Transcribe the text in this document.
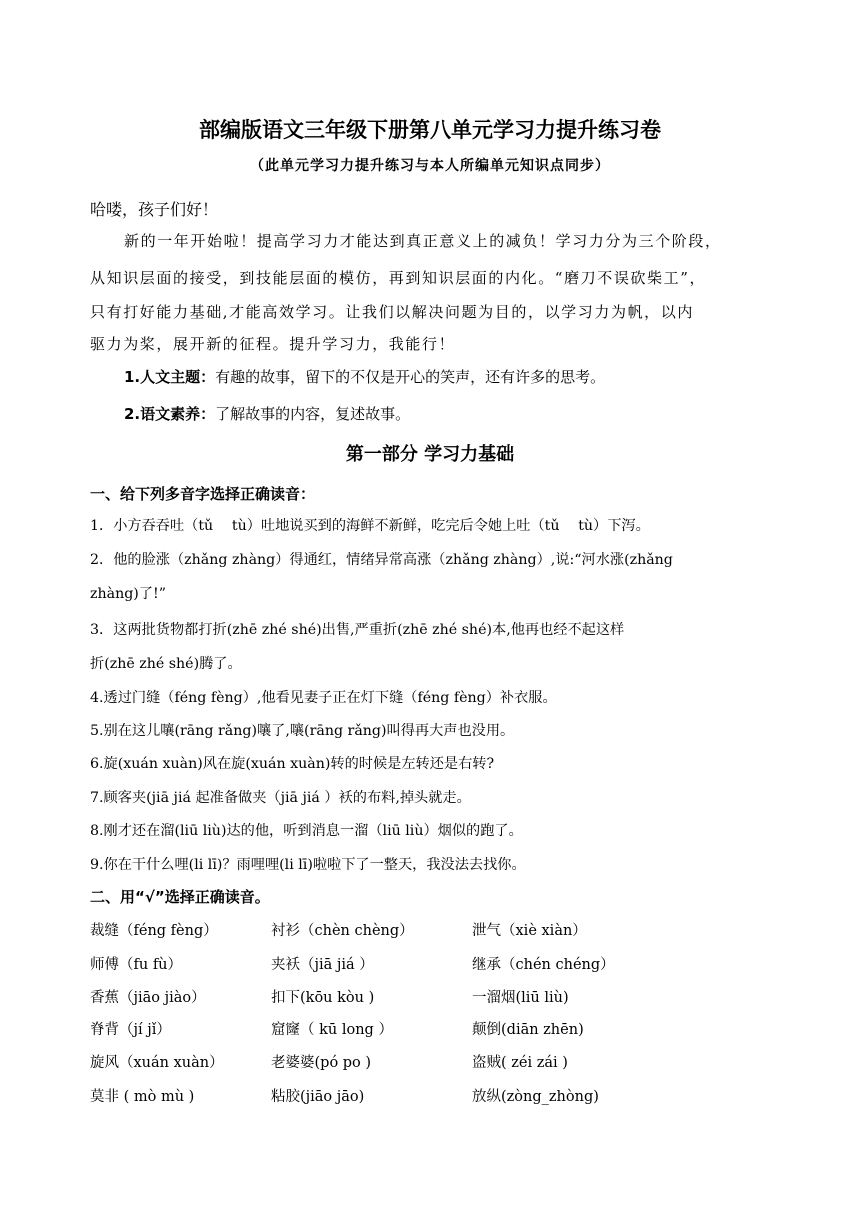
部编版语文三年级下册第八单元学习力提升练习卷
（此单元学习力提升练习与本人所编单元知识点同步）
哈喽，孩子们好！
新的一年开始啦！提高学习力才能达到真正意义上的减负！学习力分为三个阶段，
从知识层面的接受，到技能层面的模仿，再到知识层面的内化。“磨刀不误砍柴工”，
只有打好能力基础,才能高效学习。让我们以解决问题为目的，以学习力为帆，以内
驱力为桨，展开新的征程。提升学习力，我能行！
1.人文主题：有趣的故事，留下的不仅是开心的笑声，还有许多的思考。
2.语文素养：了解故事的内容，复述故事。
第一部分 学习力基础
一、给下列多音字选择正确读音：
1．小方吞吞吐（tǔ　 tù）吐地说买到的海鲜不新鲜，吃完后令她上吐（tǔ　 tù）下泻。
2．他的脸涨（zhǎng zhàng）得通红，情绪异常高涨（zhǎng zhàng）,说:“河水涨(zhǎng
zhàng)了!”
3．这两批货物都打折(zhē zhé shé)出售,严重折(zhē zhé shé)本,他再也经不起这样
折(zhē zhé shé)腾了。
4.透过门缝（féng fèng）,他看见妻子正在灯下缝（féng fèng）补衣服。
5.别在这儿嚷(rāng rǎng)嚷了,嚷(rāng rǎng)叫得再大声也没用。
6.旋(xuán xuàn)风在旋(xuán xuàn)转的时候是左转还是右转?
7.顾客夹(jiā jiá 起准备做夹（jiā jiá ）袄的布料,掉头就走。
8.刚才还在溜(liū liù)达的他，听到消息一溜（liū liù）烟似的跑了。
9.你在干什么哩(li lī)？雨哩哩(li lī)啦啦下了一整天，我没法去找你。
二、用“√”选择正确读音。
裁缝（féng fèng）	衬衫（chèn chèng）	泄气（xiè xiàn）
师傅（fu fù）	夹袄（jiā jiá ）	继承（chén chéng）
香蕉（jiāo jiào）	扣下(kōu kòu )	一溜烟(liū liù)
脊背（jí jǐ）	窟窿（ kū long ）	颠倒(diān zhēn)
旋风（xuán xuàn）	老婆婆(pó po )	盗贼( zéi zái )
莫非 ( mò mù )	粘胶(jiāo jāo)	放纵(zòng_zhòng)
